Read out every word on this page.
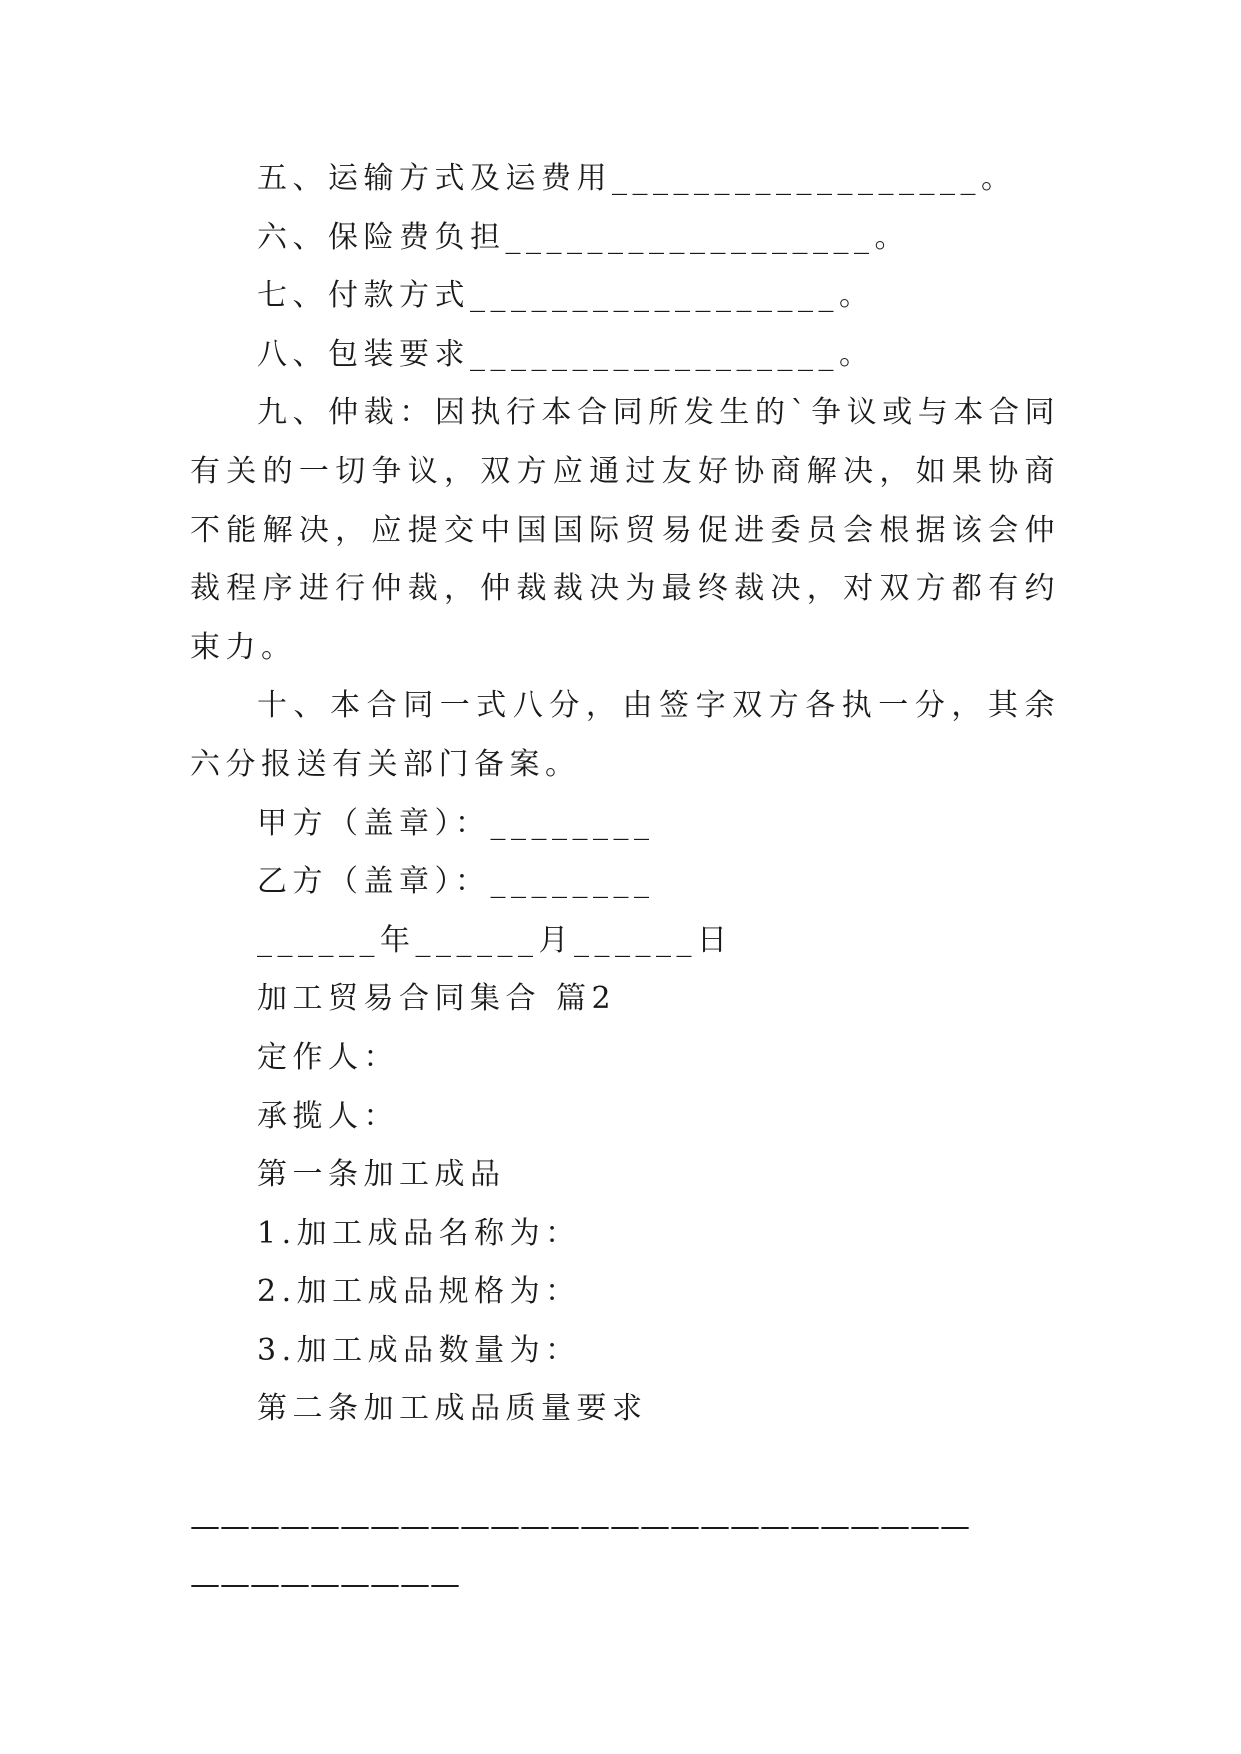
五、运输方式及运费用__________________。

六、保险费负担__________________。

七、付款方式__________________。

八、包装要求__________________。

九、仲裁：因执行本合同所发生的`争议或与本合同有关的一切争议，双方应通过友好协商解决，如果协商不能解决，应提交中国国际贸易促进委员会根据该会仲裁程序进行仲裁，仲裁裁决为最终裁决，对双方都有约束力。

十、本合同一式八分，由签字双方各执一分，其余六分报送有关部门备案。

甲方（盖章）：________

乙方（盖章）：________

______年______月______日

加工贸易合同集合 篇2

定作人：

承揽人：

第一条加工成品

1.加工成品名称为：

2.加工成品规格为：

3.加工成品数量为：

第二条加工成品质量要求

——————————————————————————

—————————
